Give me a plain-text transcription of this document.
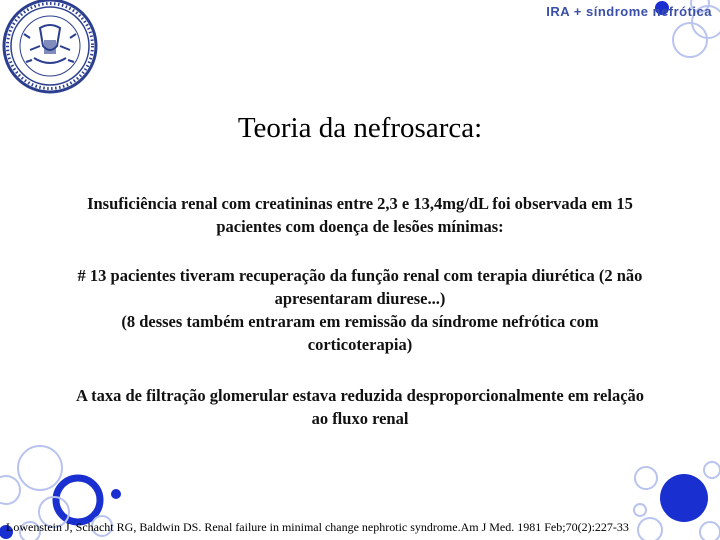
IRA + síndrome nefrótica
Teoria da nefrosarca:
Insuficiência renal com creatininas entre 2,3 e 13,4mg/dL foi observada em 15
pacientes com doença de lesões mínimas:
# 13 pacientes tiveram recuperação da função renal com terapia diurética (2 não
apresentaram diurese...)
(8 desses também entraram em remissão da síndrome nefrótica com
corticoterapia)
A taxa de filtração glomerular estava reduzida desproporcionalmente em relação
ao fluxo renal
Lowenstein J, Schacht RG, Baldwin DS. Renal failure in minimal change nephrotic syndrome.Am J Med. 1981 Feb;70(2):227-33
